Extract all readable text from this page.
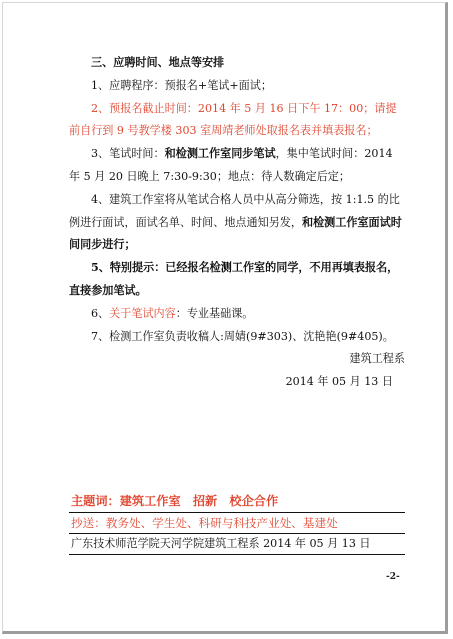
三、应聘时间、地点等安排

1、应聘程序：预报名+笔试+面试；

2、预报名截止时间：2014 年 5 月 16 日下午 17：00；请提前自行到 9 号教学楼 303 室周靖老师处取报名表并填表报名；

3、笔试时间：和检测工作室同步笔试，集中笔试时间：2014 年 5 月 20 日晚上 7:30-9:30；地点：待人数确定后定；

4、建筑工作室将从笔试合格人员中从高分筛选，按 1:1.5 的比例进行面试，面试名单、时间、地点通知另发，和检测工作室面试时间同步进行；

5、特别提示：已经报名检测工作室的同学，不用再填表报名，直接参加笔试。

6、关于笔试内容：专业基础课。

7、检测工作室负责收稿人:周婧(9#303)、沈艳艳(9#405)。

建筑工程系

2014 年 05 月 13 日

主题词：建筑工作室　招新　校企合作
抄送：教务处、学生处、科研与科技产业处、基建处
广东技术师范学院天河学院建筑工程系 2014 年 05 月 13 日
-2-
